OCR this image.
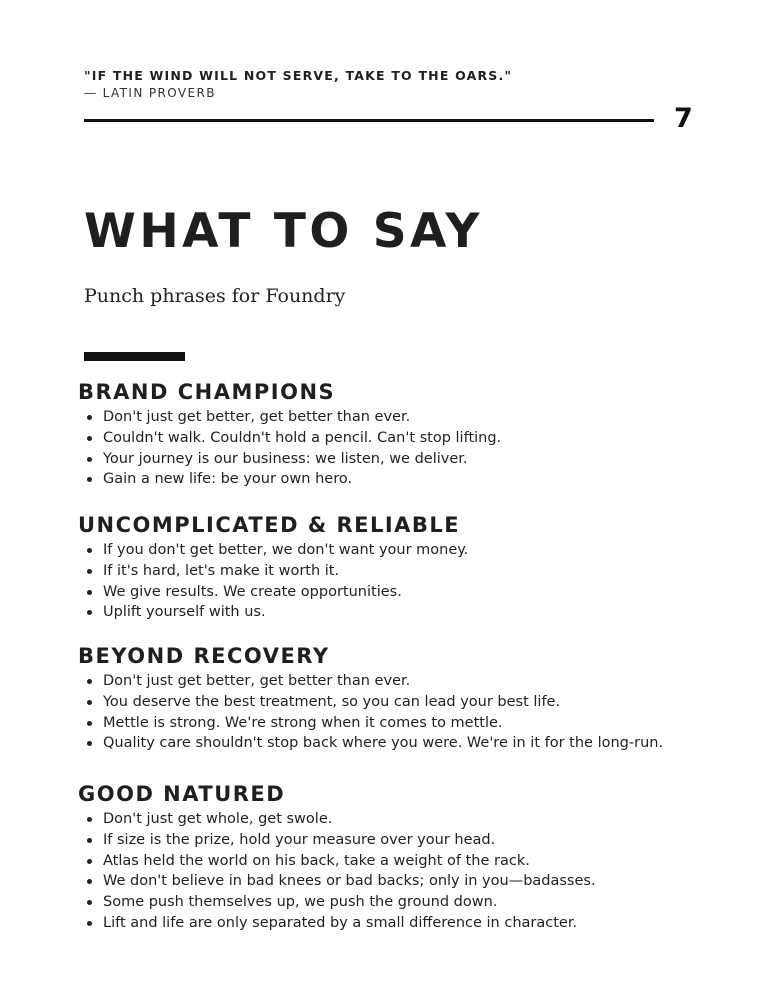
"IF THE WIND WILL NOT SERVE, TAKE TO THE OARS."
— LATIN PROVERB
7
WHAT TO SAY
Punch phrases for Foundry
BRAND CHAMPIONS
Don't just get better, get better than ever.
Couldn't walk. Couldn't hold a pencil. Can't stop lifting.
Your journey is our business: we listen, we deliver.
Gain a new life: be your own hero.
UNCOMPLICATED & RELIABLE
If you don't get better, we don't want your money.
If it's hard, let's make it worth it.
We give results. We create opportunities.
Uplift yourself with us.
BEYOND RECOVERY
Don't just get better, get better than ever.
You deserve the best treatment, so you can lead your best life.
Mettle is strong. We're strong when it comes to mettle.
Quality care shouldn't stop back where you were. We're in it for the long-run.
GOOD NATURED
Don't just get whole, get swole.
If size is the prize, hold your measure over your head.
Atlas held the world on his back, take a weight of the rack.
We don't believe in bad knees or bad backs; only in you—badasses.
Some push themselves up, we push the ground down.
Lift and life are only separated by a small difference in character.
